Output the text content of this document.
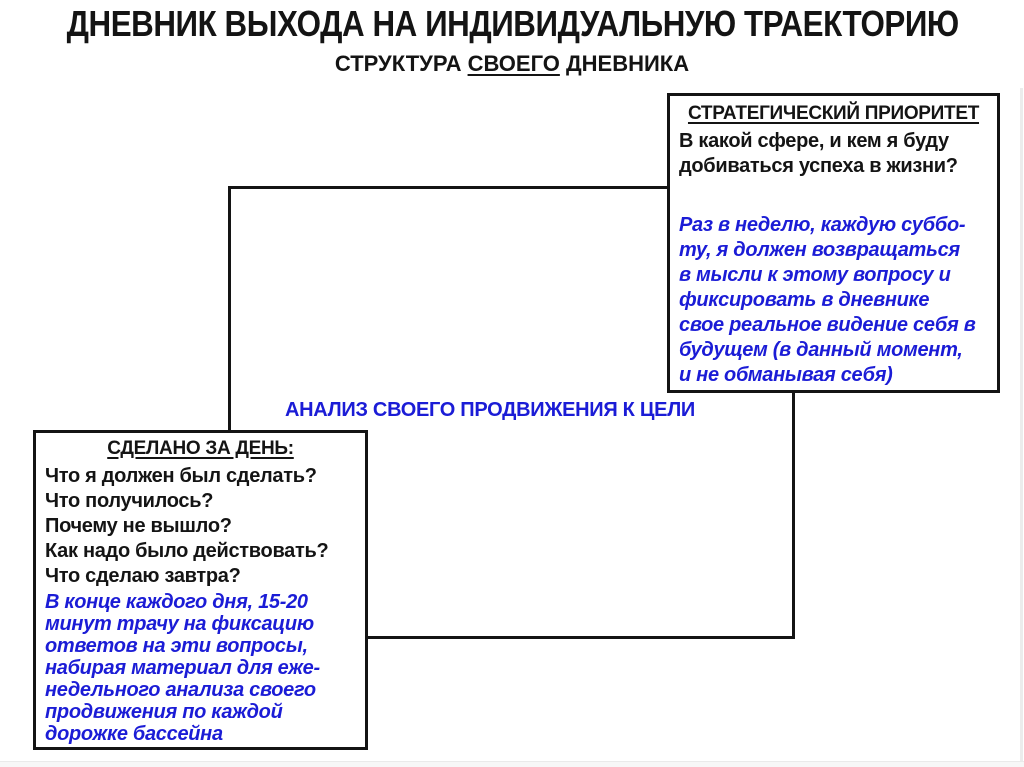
ДНЕВНИК ВЫХОДА НА ИНДИВИДУАЛЬНУЮ ТРАЕКТОРИЮ
СТРУКТУРА СВОЕГО ДНЕВНИКА
АНАЛИЗ СВОЕГО ПРОДВИЖЕНИЯ К ЦЕЛИ
СТРАТЕГИЧЕСКИЙ ПРИОРИТЕТ
В какой сфере, и кем я буду
добиваться успеха в жизни?
Раз в неделю, каждую суббо-
ту, я должен возвращаться
в мысли к этому вопросу и
фиксировать в дневнике
свое реальное видение себя в
будущем (в данный момент,
и не обманывая себя)
СДЕЛАНО ЗА ДЕНЬ:
Что я должен был сделать?
Что получилось?
Почему не вышло?
Как надо было действовать?
Что сделаю завтра?
В конце каждого дня, 15-20
минут трачу на фиксацию
ответов на эти вопросы,
набирая материал для еже-
недельного анализа своего
продвижения по каждой
дорожке бассейна
